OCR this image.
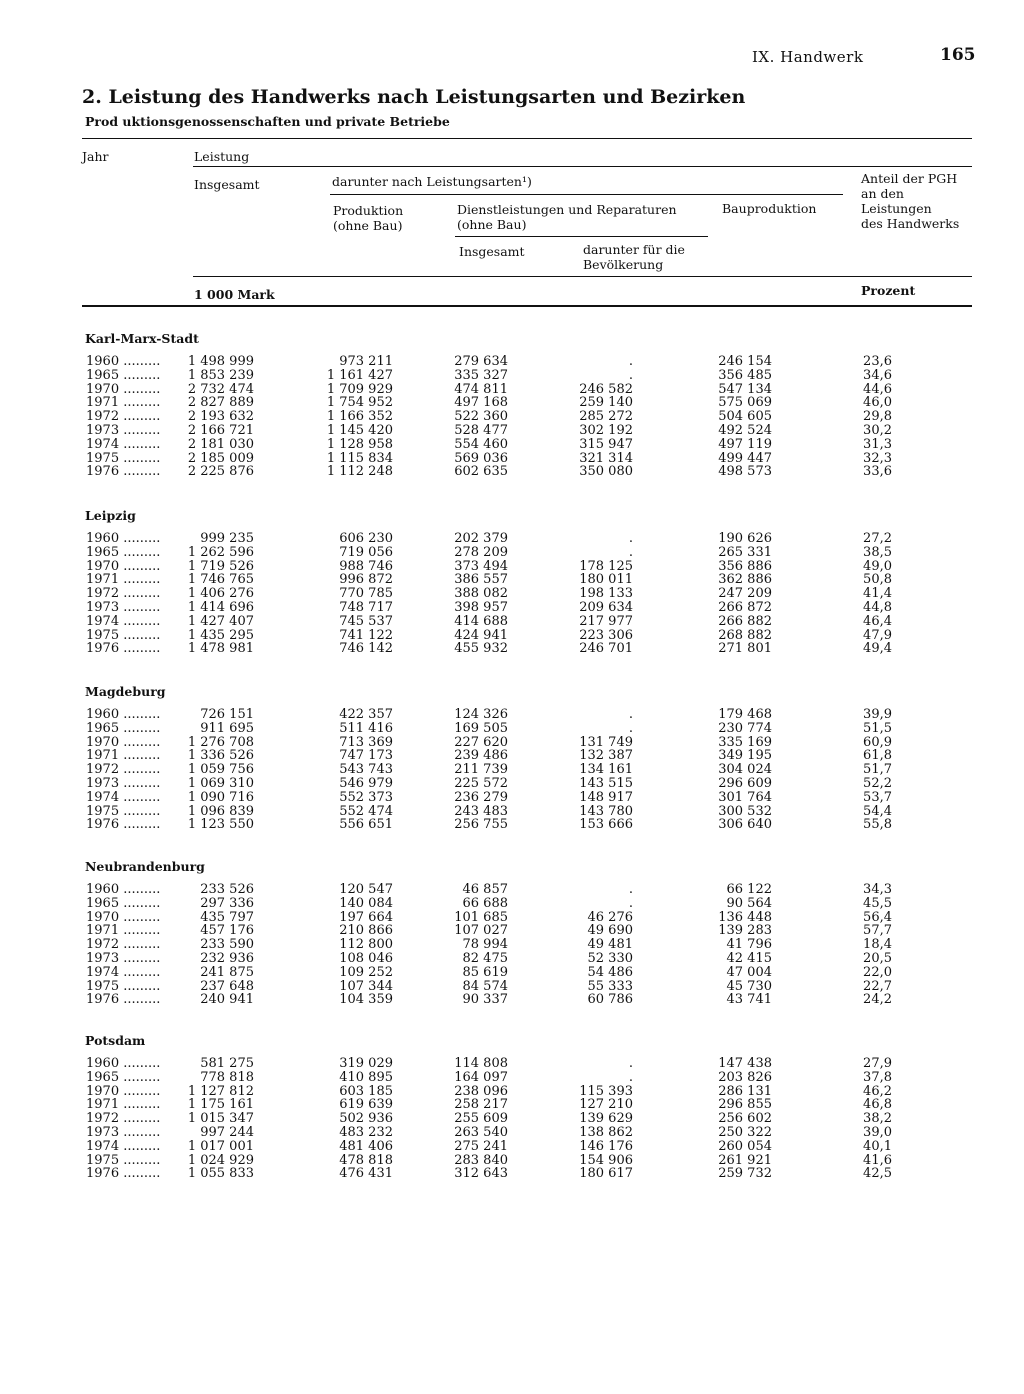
IX. Handwerk	165
2. Leistung des Handwerks nach Leistungsarten und Bezirken
Prod uktionsgenossenschaften und private Betriebe
Jahr	Leistung
Insgesamt	darunter nach Leistungsarten¹)
Produktion
(ohne Bau)
Dienstleistungen und Reparaturen
(ohne Bau)
Insgesamt	darunter für die
Bevölkerung
Bauproduktion
Anteil der PGH
an den
Leistungen
des Handwerks
1 000 Mark	Prozent
Karl-Marx-Stadt
1960 .........	1 498 999	973 211	279 634	.	246 154	23,6
1965 .........	1 853 239	1 161 427	335 327	.	356 485	34,6
1970 .........	2 732 474	1 709 929	474 811	246 582	547 134	44,6
1971 .........	2 827 889	1 754 952	497 168	259 140	575 069	46,0
1972 .........	2 193 632	1 166 352	522 360	285 272	504 605	29,8
1973 .........	2 166 721	1 145 420	528 477	302 192	492 524	30,2
1974 .........	2 181 030	1 128 958	554 460	315 947	497 119	31,3
1975 .........	2 185 009	1 115 834	569 036	321 314	499 447	32,3
1976 .........	2 225 876	1 112 248	602 635	350 080	498 573	33,6
Leipzig
1960 .........	999 235	606 230	202 379	.	190 626	27,2
1965 .........	1 262 596	719 056	278 209	.	265 331	38,5
1970 .........	1 719 526	988 746	373 494	178 125	356 886	49,0
1971 .........	1 746 765	996 872	386 557	180 011	362 886	50,8
1972 .........	1 406 276	770 785	388 082	198 133	247 209	41,4
1973 .........	1 414 696	748 717	398 957	209 634	266 872	44,8
1974 .........	1 427 407	745 537	414 688	217 977	266 882	46,4
1975 .........	1 435 295	741 122	424 941	223 306	268 882	47,9
1976 .........	1 478 981	746 142	455 932	246 701	271 801	49,4
Magdeburg
1960 .........	726 151	422 357	124 326	.	179 468	39,9
1965 .........	911 695	511 416	169 505	.	230 774	51,5
1970 .........	1 276 708	713 369	227 620	131 749	335 169	60,9
1971 .........	1 336 526	747 173	239 486	132 387	349 195	61,8
1972 .........	1 059 756	543 743	211 739	134 161	304 024	51,7
1973 .........	1 069 310	546 979	225 572	143 515	296 609	52,2
1974 .........	1 090 716	552 373	236 279	148 917	301 764	53,7
1975 .........	1 096 839	552 474	243 483	143 780	300 532	54,4
1976 .........	1 123 550	556 651	256 755	153 666	306 640	55,8
Neubrandenburg
1960 .........	233 526	120 547	46 857	.	66 122	34,3
1965 .........	297 336	140 084	66 688	.	90 564	45,5
1970 .........	435 797	197 664	101 685	46 276	136 448	56,4
1971 .........	457 176	210 866	107 027	49 690	139 283	57,7
1972 .........	233 590	112 800	78 994	49 481	41 796	18,4
1973 .........	232 936	108 046	82 475	52 330	42 415	20,5
1974 .........	241 875	109 252	85 619	54 486	47 004	22,0
1975 .........	237 648	107 344	84 574	55 333	45 730	22,7
1976 .........	240 941	104 359	90 337	60 786	43 741	24,2
Potsdam
1960 .........	581 275	319 029	114 808	.	147 438	27,9
1965 .........	778 818	410 895	164 097	.	203 826	37,8
1970 .........	1 127 812	603 185	238 096	115 393	286 131	46,2
1971 .........	1 175 161	619 639	258 217	127 210	296 855	46,8
1972 .........	1 015 347	502 936	255 609	139 629	256 602	38,2
1973 .........	997 244	483 232	263 540	138 862	250 322	39,0
1974 .........	1 017 001	481 406	275 241	146 176	260 054	40,1
1975 .........	1 024 929	478 818	283 840	154 906	261 921	41,6
1976 .........	1 055 833	476 431	312 643	180 617	259 732	42,5
